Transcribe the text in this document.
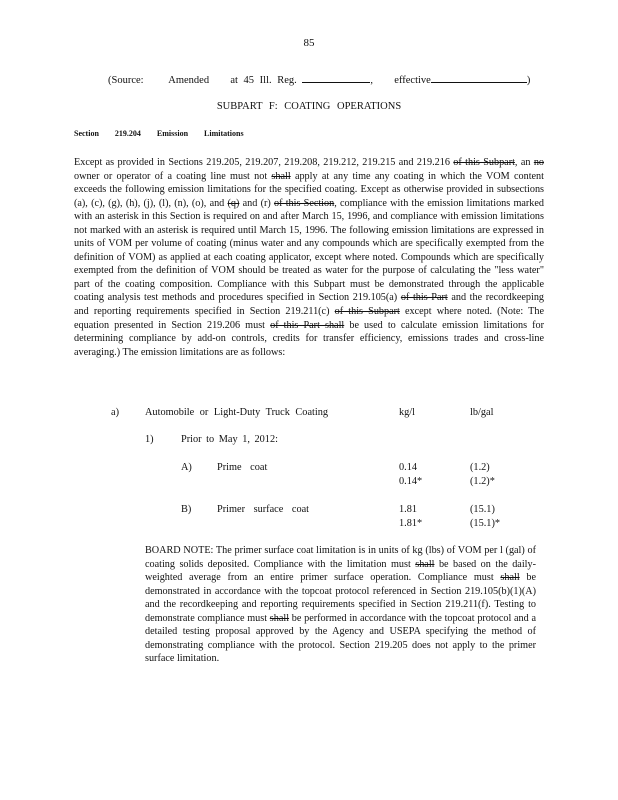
85
(Source: Amended at 45 Ill. Reg.	, effective	)
SUBPART F: COATING OPERATIONS
Section 219.204 Emission Limitations

Except as provided in Sections 219.205, 219.207, 219.208, 219.212, 219.215 and 219.216 of this Subpart, an no owner or operator of a coating line must not shall apply at any time any coating in which the VOM content exceeds the following emission limitations for the specified coating. Except as otherwise provided in subsections (a), (c), (g), (h), (j), (l), (n), (o), and (q) and (r) of this Section, compliance with the emission limitations marked with an asterisk in this Section is required on and after March 15, 1996, and compliance with emission limitations not marked with an asterisk is required until March 15, 1996. The following emission limitations are expressed in units of VOM per volume of coating (minus water and any compounds which are specifically exempted from the definition of VOM) as applied at each coating applicator, except where noted. Compounds which are specifically exempted from the definition of VOM should be treated as water for the purpose of calculating the "less water" part of the coating composition. Compliance with this Subpart must be demonstrated through the applicable coating analysis test methods and procedures specified in Section 219.105(a) of this Part and the recordkeeping and reporting requirements specified in Section 219.211(c) of this Subpart except where noted. (Note: The equation presented in Section 219.206 must of this Part shall be used to calculate emission limitations for determining compliance by add-on controls, credits for transfer efficiency, emissions trades and cross-line averaging.) The emission limitations are as follows:

a)	Automobile or Light-Duty Truck Coating	kg/l	lb/gal
1)	Prior to May 1, 2012:
A) Prime coat	0.14	(1.2)
0.14*	(1.2)*
B) Primer surface coat	1.81	(15.1)
1.81*	(15.1)*
BOARD NOTE: The primer surface coat limitation is in units of kg (lbs) of VOM per l (gal) of coating solids deposited. Compliance with the limitation must shall be based on the daily-weighted average from an entire primer surface operation. Compliance must shall be demonstrated in accordance with the topcoat protocol referenced in Section 219.105(b)(1)(A) and the recordkeeping and reporting requirements specified in Section 219.211(f). Testing to demonstrate compliance must shall be performed in accordance with the topcoat protocol and a detailed testing proposal approved by the Agency and USEPA specifying the method of demonstrating compliance with the protocol. Section 219.205 does not apply to the primer surface limitation.
